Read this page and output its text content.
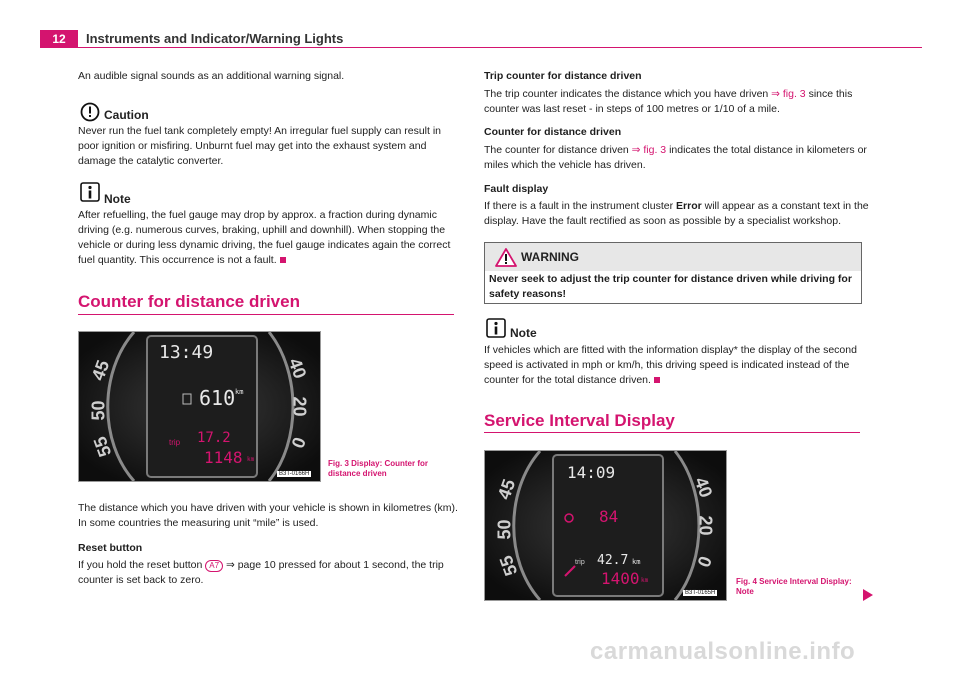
12	Instruments and Indicator/Warning Lights
An audible signal sounds as an additional warning signal.
Caution
Never run the fuel tank completely empty! An irregular fuel supply can result in poor ignition or misfiring. Unburnt fuel may get into the exhaust system and damage the catalytic converter.
Note
After refuelling, the fuel gauge may drop by approx. a fraction during dynamic driving (e.g. numerous curves, braking, uphill and downhill). When stopping the vehicle or during less dynamic driving, the fuel gauge indicates again the correct fuel quantity. This occurrence is not a fault.
Counter for distance driven
45
50
55
40
20
0
13:49
610 km
trip 17.2
1148 km
B3T-0166H
Fig. 3 Display: Counter for distance driven
The distance which you have driven with your vehicle is shown in kilometres (km). In some countries the measuring unit “mile” is used.
Reset button
If you hold the reset button A7 ⇒ page 10 pressed for about 1 second, the trip
counter is set back to zero.
Trip counter for distance driven
The trip counter indicates the distance which you have driven ⇒ fig. 3 since this
counter was last reset - in steps of 100 metres or 1/10 of a mile.
Counter for distance driven
The counter for distance driven ⇒ fig. 3 indicates the total distance in kilometers or
miles which the vehicle has driven.
Fault display
If there is a fault in the instrument cluster Error will appear as a constant text in the
display. Have the fault rectified as soon as possible by a specialist workshop.
WARNING
Never seek to adjust the trip counter for distance driven while driving for safety reasons!
Note
If vehicles which are fitted with the information display* the display of the second speed is activated in mph or km/h, this driving speed is indicated instead of the counter for the total distance driven.
Service Interval Display
45
50
55
40
20
0
14:09
84
trip 42.7 km
1400 km
B3T-0165H
Fig. 4 Service Interval Display: Note
carmanualsonline.info
